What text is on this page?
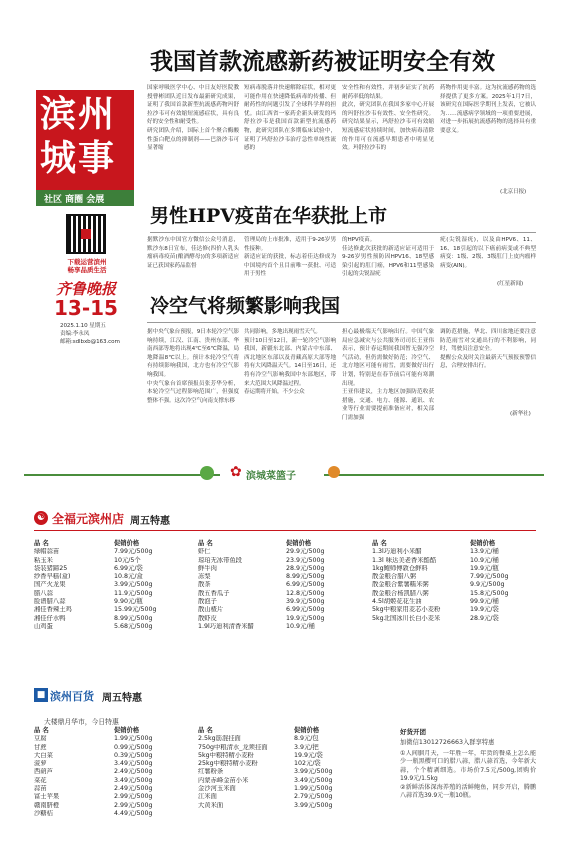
滨州
城事
社区 商圈 会展
下载运营滨州
畅享品质生活
齐鲁晚报
13-15
2025.1.10 星期五
责编:李永凤
邮箱:sdlbxb@163.com
我国首款流感新药被证明安全有效
国家呼吸医学中心、中日友好医院教授曹彬团队近日发布最新研究成果，证明了我国首款新型抗流感药物玛舒拉沙韦可有效缩短流感症状，具有良好的安全性和耐受性。
研究团队介绍，国际上首个聚合酶酸性蛋白靶点的抑制剂——巴洛沙韦可显著缩
短病毒脱落并快速解除症状，相对更可能作用在快速降低病毒的传播、但耐药性的问题引发了全球科学界的担忧。由江西省一家药企新头研发的玛舒拉沙韦是我国首款新型抗流感药物，此研究团队在多期临床试验中，证明了玛舒拉沙韦治疗急性单纯性流感的
安全性和有效性，并初步证实了抗药耐药率低的结果。
此次，研究团队在我国多家中心开展的玛舒拉沙韦有效性、安全性研究。研究结果显示，玛舒拉沙韦可有效缩短流感症状持续时间，加快病毒清除的作用可在流感早期患者中明显见效。玛舒拉沙韦的
药物作用更丰富。这为抗流感药物的选择提供了更多方案。2025年1月7日，该研究在国际医学期刊上发表，它被认为……流感病学领域的一项重要进展，对进一步拓展抗流感药物的选择具有重要意义。
(北京日报)
男性HPV疫苗在华获批上市
据默沙东中国官方微信公众号消息，默沙东8日宣布，佳达修(四价人乳头瘤病毒疫苗(酿酒酵母))的多项新适应证已获国家药品监督
管理局的上市批准，适用于9-26岁男性接种。
新适应证的获批，标志着佳达修成为中国境内首个且目前唯一获批、可适用于男性
的HPV疫苗。
佳达修此次获批的新适应证可适用于9-26岁男性预防因HPV16、18型感染引起的肛门癌，HPV6和11型感染引起的尖锐湿疣
疣(尖锐湿疣)，以及由HPV6、11、16、18引起的以下癌前病变或不典型病变：1级、2级、3级肛门上皮内瘤样病变(AIN)。
(红星新闻)
冷空气将频繁影响我国
据中央气象台预报，9日本轮冷空气影响持续，江汉、江南、贵州东部、华南西部等地将出现4℃至6℃降温，局地降温8℃以上。预计本轮冷空气将有持续影响我国，北方也有冷空气影响我国。
中央气象台首席预报员张芳华分析，本轮冷空气过程影响范围广，但强度整体不强。这次冷空气向南支撑东移
共同影响，多地出现雨雪天气。
预计10日至12日，新一轮冷空气影响我国，新疆东北部、内蒙古中东部、西北地区东部以及青藏高原大部等地将有大风降温天气。14日至16日，还将有冷空气影响我国中东部地区，带来大范围大风降温过程。
春运期将开始，不少公众
担心最极端天气影响出行。中国气象局应急减灾与公共服务司司长王亚伟表示，预计春运期间我国暂无强冷空气活动，但仍需做好防范；冷空气、北方地区可能有雨雪，需要做好出行计划，特别是在春节前后可能有寒潮出现。
王亚伟建议，主力地区加强防范收获措施，交通、电力、能源、通讯、农业等行业需要提前准备应对，相关部门需加强
调防范措施，华北、四川盆地还要注意防范雨雪对交通出行的不利影响，同时，驾驶员注意安全。
提醒公众及时关注最新天气预报预警信息，合理安排出行。
(新华社)
✿ 滨城菜篮子
☯ 全福元滨州店 周五特惠
品 名	促销价格
绿帽蒜苗	7.99元/500g
粘玉米	10元/5个
袋装猪蹄25	6.99元/袋
纱香早糕(盒)	10.8元/盒
国产火龙果	3.99元/500g
腊八蒜	11.9元/500g
脸谱腊八蒜	9.90元/瓶
湘佳香辣土鸡	15.99元/500g
湘佳仔水鸭	8.99元/500g
山鸡蛋	5.68元/500g
品 名	促销价格
虾仁	29.9元/500g
琼珀无冰带鱼段	23.9元/500g
鲜牛肉	28.9元/500g
冻梨	8.99元/500g
散茶	6.99元/500g
散五香瓜子	12.8元/500g
散泡子	39.9元/500g
散山楂片	6.99元/500g
散虾皮	19.9元/500g
1.9l巧迪利清香米醋	10.9元/桶
品 名	促销价格
1.3l巧迪利小米醋	13.9元/桶
1.3l 味达美老香米酷酷	10.9元/桶
1kg鲍师傅敦仓鲜料	19.9元/瓶
散金粮合腊八粥	7.99元/500g
散金粮合紫薯糯米粥	9.9元/500g
散金粮合杨凯腊八粥	15.8元/500g
4.5l胡姬花花生油	99.9元/桶
5kg中粮家用麦芯小麦粉	19.9元/袋
5kg北国冰川长白小麦米	28.9元/袋
■ 滨州百货 周五特惠
大楼鼎月华市，今日特惠
品 名	促销价格
豆腐	1.99元/500g
甘蔗	0.99元/500g
大白菜	0.39元/500g
菠萝	3.49元/500g
西葫芦	2.49元/500g
菜花	3.49元/500g
蒜苗	2.49元/500g
富士苹果	2.99元/500g
赣南脐橙	2.99元/500g
沙糖桔	4.49元/500g
品 名	促销价格
2.5kg筋混挂面	8.9元/包
750g中粮清水_龙须挂面	3.9元/把
5kg中粮特精小麦粉	19.9元/袋
25kg中粮特精小麦粉	102元/袋
红薯粉条	3.99元/500g
内蒙赤峰金苗小米	3.49元/500g
金沙河玉米面	1.99元/500g
江米面	2.79元/500g
大黄米面	3.99元/500g
好货开团
加微信13012726663入群享特惠
①人间胭月天，一年胜一年，年货的餐桌上怎么能少一瓶黑樱可口的腊八蒜，腊八蒜首选，今年新大蒜，个个精剥细选。市场价7.5元/500g,团购价19.9元/1.5kg
②新鲜活体深海养殖的活鲜鲍鱼，同步开启，腾鹏八蒜首选39.9元一瓶10瓶。
